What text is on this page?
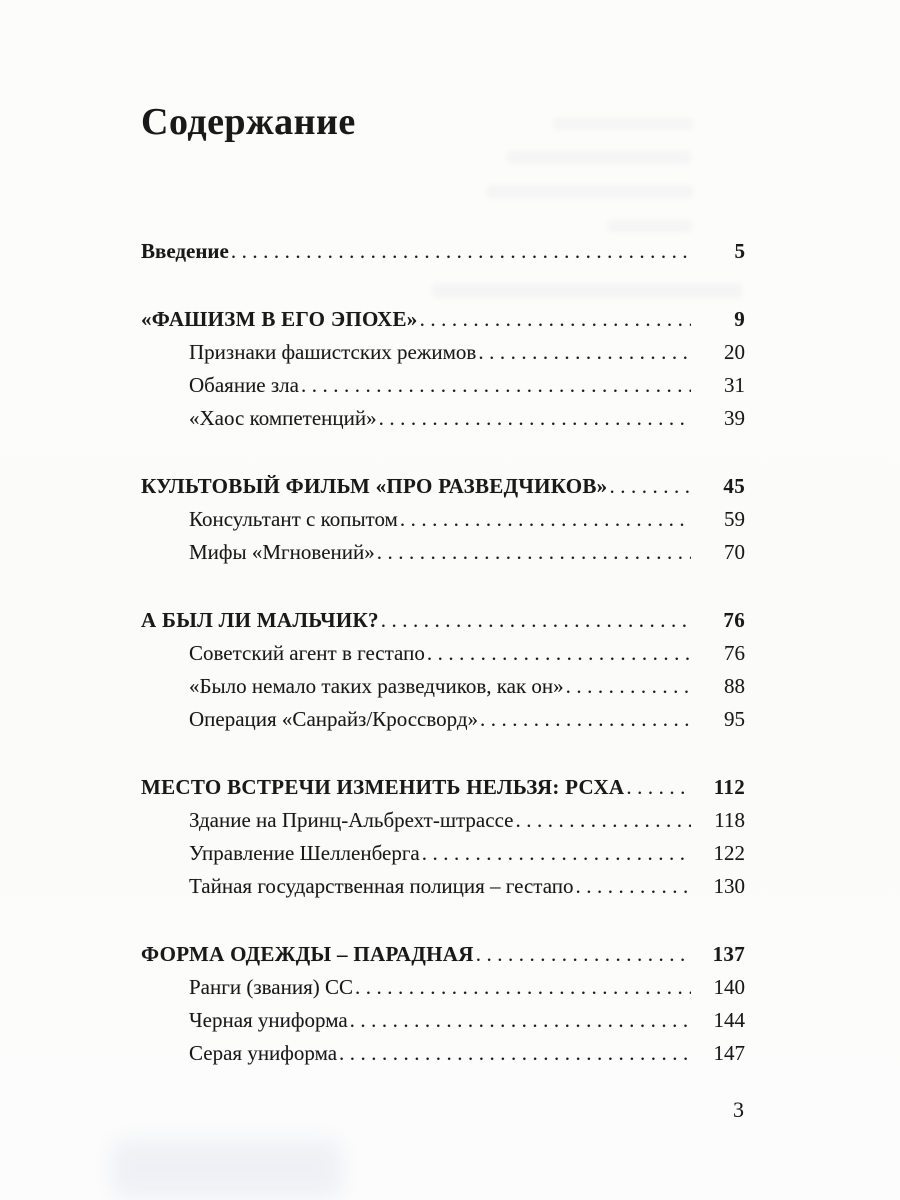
Содержание
Введение .....	5
«ФАШИЗМ В ЕГО ЭПОХЕ» .....	9
Признаки фашистских режимов .....	20
Обаяние зла .....	31
«Хаос компетенций» .....	39
КУЛЬТОВЫЙ ФИЛЬМ «ПРО РАЗВЕДЧИКОВ» .....	45
Консультант с копытом .....	59
Мифы «Мгновений» .....	70
А БЫЛ ЛИ МАЛЬЧИК? .....	76
Советский агент в гестапо .....	76
«Было немало таких разведчиков, как он» .....	88
Операция «Санрайз/Кроссворд» .....	95
МЕСТО ВСТРЕЧИ ИЗМЕНИТЬ НЕЛЬЗЯ: РСХА .....	112
Здание на Принц-Альбрехт-штрассе .....	118
Управление Шелленберга .....	122
Тайная государственная полиция – гестапо .....	130
ФОРМА ОДЕЖДЫ – ПАРАДНАЯ .....	137
Ранги (звания) СС .....	140
Черная униформа .....	144
Серая униформа .....	147
3
